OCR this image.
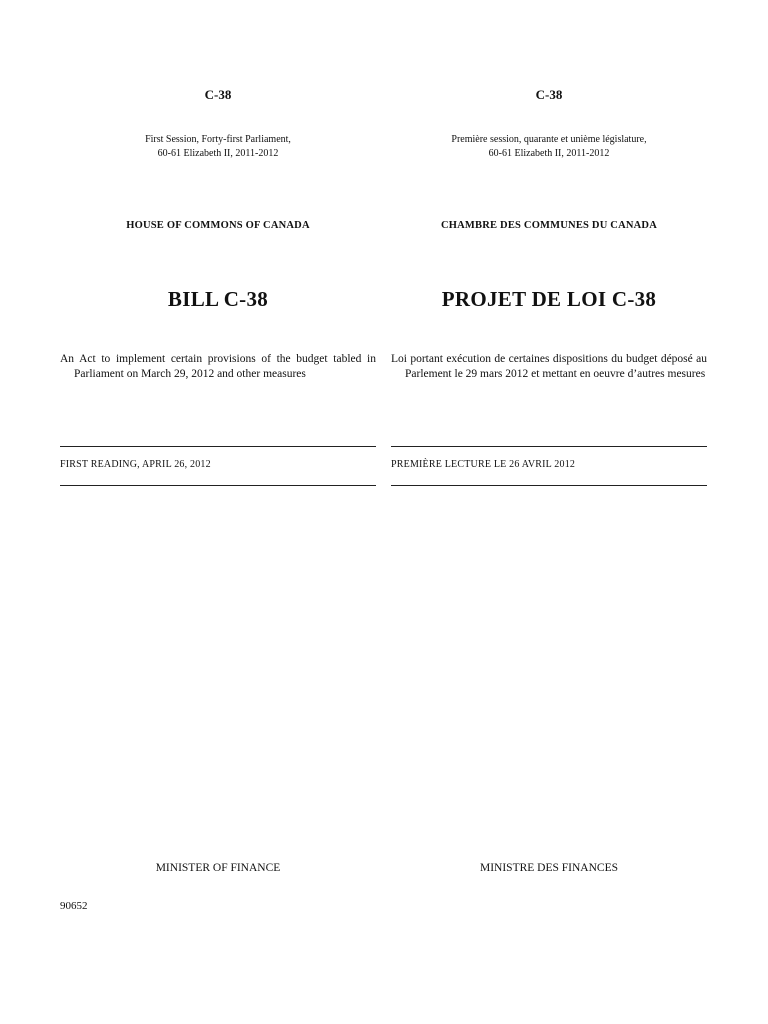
C-38
First Session, Forty-first Parliament,
60-61 Elizabeth II, 2011-2012
HOUSE OF COMMONS OF CANADA
BILL C-38
An Act to implement certain provisions of the budget tabled in Parliament on March 29, 2012 and other measures
FIRST READING, APRIL 26, 2012
MINISTER OF FINANCE
C-38
Première session, quarante et unième législature,
60-61 Elizabeth II, 2011-2012
CHAMBRE DES COMMUNES DU CANADA
PROJET DE LOI C-38
Loi portant exécution de certaines dispositions du budget déposé au Parlement le 29 mars 2012 et mettant en oeuvre d’autres mesures
PREMIÈRE LECTURE LE 26 AVRIL 2012
MINISTRE DES FINANCES
90652
